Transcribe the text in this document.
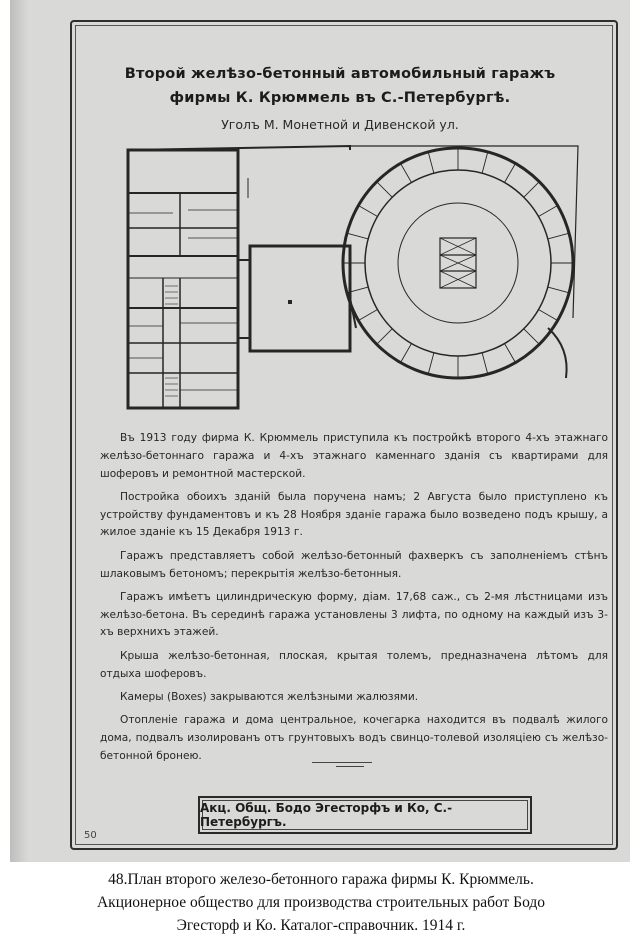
Второй желѣзо-бетонный автомобильный гаражъ
фирмы К. Крюммель въ С.-Петербургѣ.
Уголъ М. Монетной и Дивенской ул.

Въ 1913 году фирма К. Крюммель приступила къ постройкѣ второго 4-хъ этажнаго желѣзо-бетоннаго гаража и 4-хъ этажнаго каменнаго зданія съ квартирами для шоферовъ и ремонтной мастерской.

Постройка обоихъ зданій была поручена намъ; 2 Августа было приступлено къ устройству фундаментовъ и къ 28 Ноября зданіе гаража было возведено подъ крышу, а жилое зданіе къ 15 Декабря 1913 г.

Гаражъ представляетъ собой желѣзо-бетонный фахверкъ съ заполненіемъ стѣнъ шлаковымъ бетономъ; перекрытія желѣзо-бетонныя.

Гаражъ имѣетъ цилиндрическую форму, діам. 17,68 саж., съ 2-мя лѣстницами изъ желѣзо-бетона. Въ серединѣ гаража установлены 3 лифта, по одному на каждый изъ 3-хъ верхнихъ этажей.

Крыша желѣзо-бетонная, плоская, крытая толемъ, предназначена лѣтомъ для отдыха шоферовъ.

Камеры (Boxes) закрываются желѣзными жалюзями.

Отопленіе гаража и дома центральное, кочегарка находится въ подвалѣ жилого дома, подвалъ изолированъ отъ грунтовыхъ водъ свинцо-толевой изоляціею съ желѣзо-бетонной бронею.

Акц. Общ. Бодо Эгесторфъ и Ко, С.-Петербургъ.
50
48.План второго железо-бетонного гаража фирмы К. Крюммель.
Акционерное общество для производства строительных работ Бодо
Эгесторф и Ко. Каталог-справочник. 1914 г.
